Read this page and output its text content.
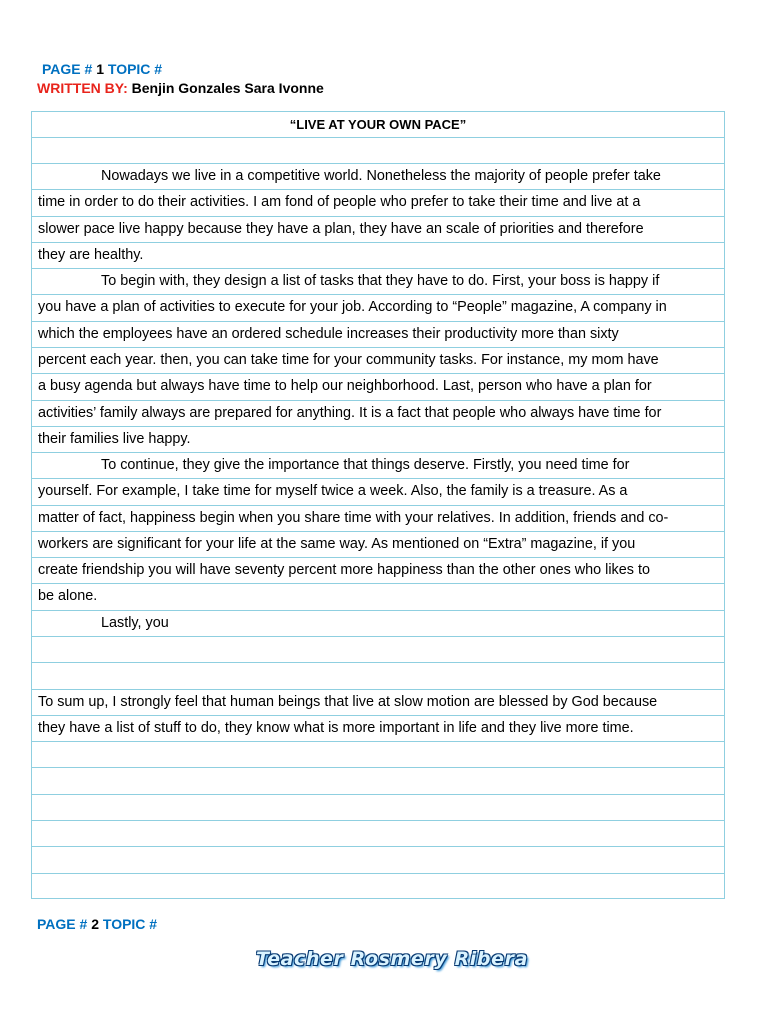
PAGE # 1 TOPIC #
WRITTEN BY: Benjin Gonzales Sara Ivonne
“LIVE AT YOUR OWN PACE”
Nowadays we live in a competitive world. Nonetheless the majority of people prefer take
time in order to do their activities. I am fond of people who prefer to take their time and live at a
slower pace live happy because they have a plan, they have an scale of priorities and therefore
they are healthy.
To begin with, they design a list of tasks that they have to do. First, your boss is happy if
you have a plan of activities to execute for your job. According to “People” magazine, A company in
which the employees have an ordered schedule increases their productivity more than sixty
percent each year. then, you can take time for your community tasks. For instance, my mom have
a busy agenda but always have time to help our neighborhood. Last, person who have a plan for
activities’ family always are prepared for anything. It is a fact that people who always have time for
their families live happy.
To continue, they give the importance that things deserve. Firstly, you need time for
yourself. For example, I take time for myself twice a week. Also, the family is a treasure. As a
matter of fact, happiness begin when you share time with your relatives. In addition, friends and co-
workers are significant for your life at the same way. As mentioned on “Extra” magazine, if you
create friendship you will have seventy percent more happiness than the other ones who likes to
be alone.
Lastly, you
To sum up, I strongly feel that human beings that live at slow motion are blessed by God because
they have a list of stuff to do, they know what is more important in life and they live more time.
PAGE # 2 TOPIC #
Teacher Rosmery Ribera
